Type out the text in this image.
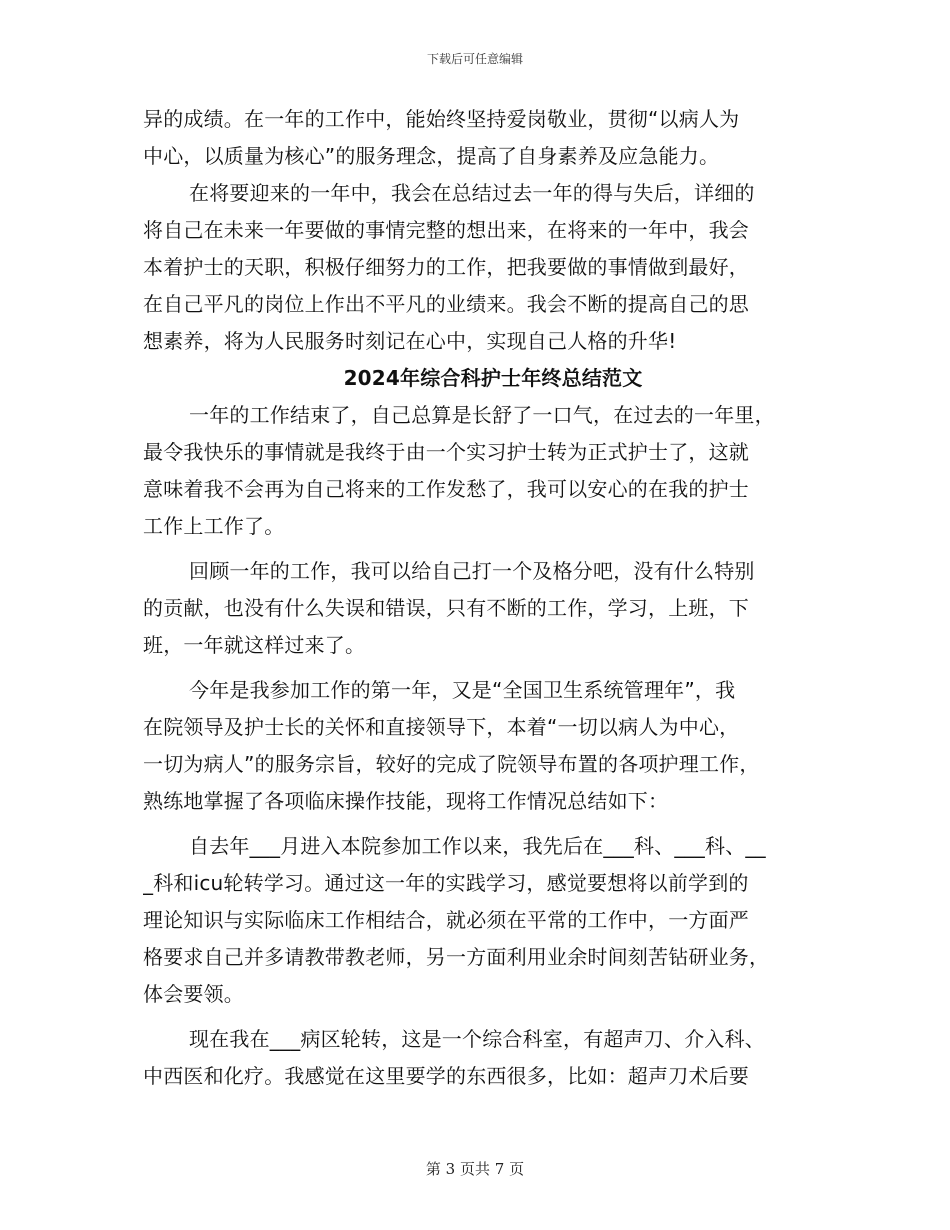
下载后可任意编辑
异的成绩。在一年的工作中，能始终坚持爱岗敬业，贯彻“以病人为
中心，以质量为核心”的服务理念，提高了自身素养及应急能力。
在将要迎来的一年中，我会在总结过去一年的得与失后，详细的
将自己在未来一年要做的事情完整的想出来，在将来的一年中，我会
本着护士的天职，积极仔细努力的工作，把我要做的事情做到最好，
在自己平凡的岗位上作出不平凡的业绩来。我会不断的提高自己的思
想素养，将为人民服务时刻记在心中，实现自己人格的升华!
2024年综合科护士年终总结范文
一年的工作结束了，自己总算是长舒了一口气，在过去的一年里，
最令我快乐的事情就是我终于由一个实习护士转为正式护士了，这就
意味着我不会再为自己将来的工作发愁了，我可以安心的在我的护士
工作上工作了。
回顾一年的工作，我可以给自己打一个及格分吧，没有什么特别
的贡献，也没有什么失误和错误，只有不断的工作，学习，上班，下
班，一年就这样过来了。
今年是我参加工作的第一年，又是“全国卫生系统管理年”，我
在院领导及护士长的关怀和直接领导下，本着“一切以病人为中心，
一切为病人”的服务宗旨，较好的完成了院领导布置的各项护理工作，
熟练地掌握了各项临床操作技能，现将工作情况总结如下：
自去年___月进入本院参加工作以来，我先后在___科、___科、__
_科和icu轮转学习。通过这一年的实践学习，感觉要想将以前学到的
理论知识与实际临床工作相结合，就必须在平常的工作中，一方面严
格要求自己并多请教带教老师，另一方面利用业余时间刻苦钻研业务，
体会要领。
现在我在___病区轮转，这是一个综合科室，有超声刀、介入科、
中西医和化疗。我感觉在这里要学的东西很多，比如：超声刀术后要
第 3 页共 7 页
